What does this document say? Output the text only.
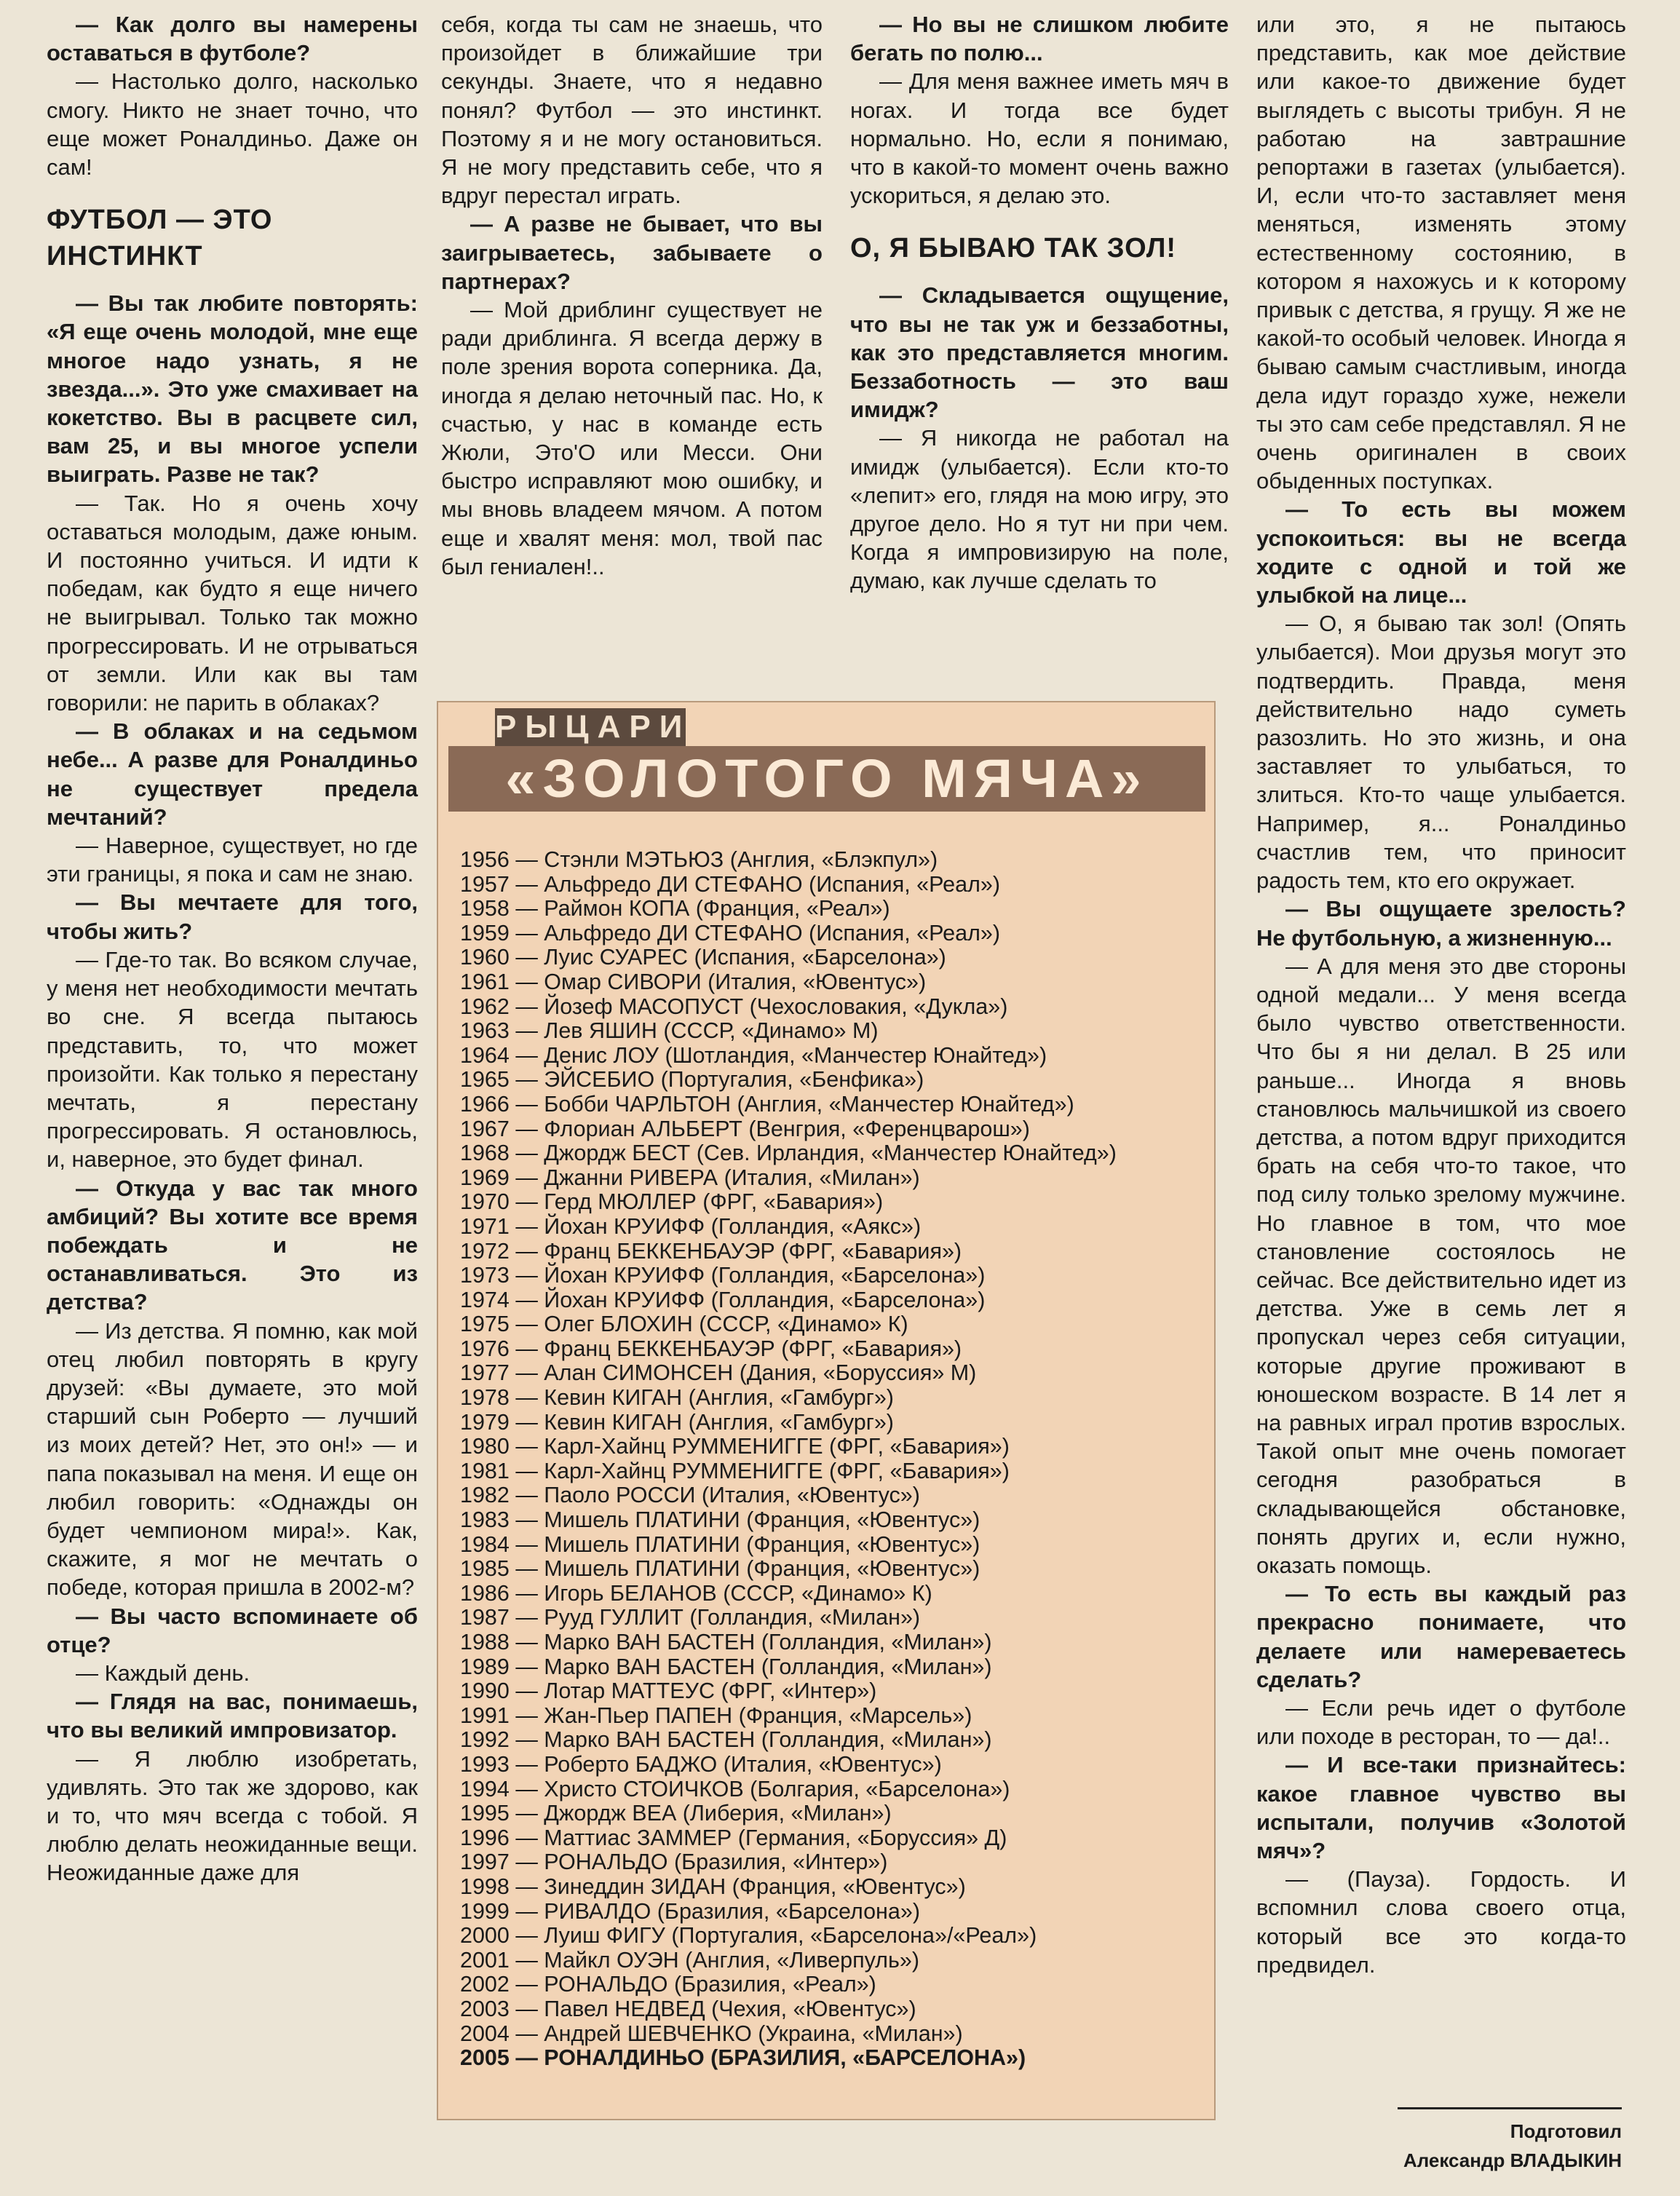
— Как долго вы намерены оставаться в футболе?

— Настолько долго, насколько смогу. Никто не знает точно, что еще может Роналдиньо. Даже он сам!

ФУТБОЛ — ЭТО ИНСТИНКТ

— Вы так любите повторять: «Я еще очень молодой, мне еще многое надо узнать, я не звезда...». Это уже смахивает на кокетство. Вы в расцвете сил, вам 25, и вы многое успели выиграть. Разве не так?

— Так. Но я очень хочу оставаться молодым, даже юным. И постоянно учиться. И идти к победам, как будто я еще ничего не выигрывал. Только так можно прогрессировать. И не отрываться от земли. Или как вы там говорили: не парить в облаках?

— В облаках и на седьмом небе... А разве для Роналдиньо не существует предела мечтаний?

— Наверное, существует, но где эти границы, я пока и сам не знаю.

— Вы мечтаете для того, чтобы жить?

— Где-то так. Во всяком случае, у меня нет необходимости мечтать во сне. Я всегда пытаюсь представить, то, что может произойти. Как только я перестану мечтать, я перестану прогрессировать. Я остановлюсь, и, наверное, это будет финал.

— Откуда у вас так много амбиций? Вы хотите все время побеждать и не останавливаться. Это из детства?

— Из детства. Я помню, как мой отец любил повторять в кругу друзей: «Вы думаете, это мой старший сын Роберто — лучший из моих детей? Нет, это он!» — и папа показывал на меня. И еще он любил говорить: «Однажды он будет чемпионом мира!». Как, скажите, я мог не мечтать о победе, которая пришла в 2002-м?

— Вы часто вспоминаете об отце?

— Каждый день.

— Глядя на вас, понимаешь, что вы великий импровизатор.

— Я люблю изобретать, удивлять. Это так же здорово, как и то, что мяч всегда с тобой. Я люблю делать неожиданные вещи. Неожиданные даже для

себя, когда ты сам не знаешь, что произойдет в ближайшие три секунды. Знаете, что я недавно понял? Футбол — это инстинкт. Поэтому я и не могу остановиться. Я не могу представить себе, что я вдруг перестал играть.

— А разве не бывает, что вы заигрываетесь, забываете о партнерах?

— Мой дриблинг существует не ради дриблинга. Я всегда держу в поле зрения ворота соперника. Да, иногда я делаю неточный пас. Но, к счастью, у нас в команде есть Жюли, Это'О или Месси. Они быстро исправляют мою ошибку, и мы вновь владеем мячом. А потом еще и хвалят меня: мол, твой пас был гениален!..

— Но вы не слишком любите бегать по полю...

— Для меня важнее иметь мяч в ногах. И тогда все будет нормально. Но, если я понимаю, что в какой-то момент очень важно ускориться, я делаю это.

О, Я БЫВАЮ ТАК ЗОЛ!

— Складывается ощущение, что вы не так уж и беззаботны, как это представляется многим. Беззаботность — это ваш имидж?

— Я никогда не работал на имидж (улыбается). Если кто-то «лепит» его, глядя на мою игру, это другое дело. Но я тут ни при чем. Когда я импровизирую на поле, думаю, как лучше сделать то

или это, я не пытаюсь представить, как мое действие или какое-то движение будет выглядеть с высоты трибун. Я не работаю на завтрашние репортажи в газетах (улыбается). И, если что-то заставляет меня меняться, изменять этому естественному состоянию, в котором я нахожусь и к которому привык с детства, я грущу. Я же не какой-то особый человек. Иногда я бываю самым счастливым, иногда дела идут гораздо хуже, нежели ты это сам себе представлял. Я не очень оригинален в своих обыденных поступках.

— То есть вы можем успокоиться: вы не всегда ходите с одной и той же улыбкой на лице...

— О, я бываю так зол! (Опять улыбается). Мои друзья могут это подтвердить. Правда, меня действительно надо суметь разозлить. Но это жизнь, и она заставляет то улыбаться, то злиться. Кто-то чаще улыбается. Например, я... Роналдиньо счастлив тем, что приносит радость тем, кто его окружает.

— Вы ощущаете зрелость? Не футбольную, а жизненную...

— А для меня это две стороны одной медали... У меня всегда было чувство ответственности. Что бы я ни делал. В 25 или раньше... Иногда я вновь становлюсь мальчишкой из своего детства, а потом вдруг приходится брать на себя что-то такое, что под силу только зрелому мужчине. Но главное в том, что мое становление состоялось не сейчас. Все действительно идет из детства. Уже в семь лет я пропускал через себя ситуации, которые другие проживают в юношеском возрасте. В 14 лет я на равных играл против взрослых. Такой опыт мне очень помогает сегодня разобраться в складывающейся обстановке, понять других и, если нужно, оказать помощь.

— То есть вы каждый раз прекрасно понимаете, что делаете или намереваетесь сделать?

— Если речь идет о футболе или походе в ресторан, то — да!..

— И все-таки признайтесь: какое главное чувство вы испытали, получив «Золотой мяч»?

— (Пауза). Гордость. И вспомнил слова своего отца, который все это когда-то предвидел.

РЫЦАРИ
«ЗОЛОТОГО МЯЧА»
1956 — Стэнли МЭТЬЮЗ (Англия, «Блэкпул»)
1957 — Альфредо ДИ СТЕФАНО (Испания, «Реал»)
1958 — Раймон КОПА (Франция, «Реал»)
1959 — Альфредо ДИ СТЕФАНО (Испания, «Реал»)
1960 — Луис СУАРЕС (Испания, «Барселона»)
1961 — Омар СИВОРИ (Италия, «Ювентус»)
1962 — Йозеф МАСОПУСТ (Чехословакия, «Дукла»)
1963 — Лев ЯШИН (СССР, «Динамо» М)
1964 — Денис ЛОУ (Шотландия, «Манчестер Юнайтед»)
1965 — ЭЙСЕБИО (Португалия, «Бенфика»)
1966 — Бобби ЧАРЛЬТОН (Англия, «Манчестер Юнайтед»)
1967 — Флориан АЛЬБЕРТ (Венгрия, «Ференцварош»)
1968 — Джордж БЕСТ (Сев. Ирландия, «Манчестер Юнайтед»)
1969 — Джанни РИВЕРА (Италия, «Милан»)
1970 — Герд МЮЛЛЕР (ФРГ, «Бавария»)
1971 — Йохан КРУИФФ (Голландия, «Аякс»)
1972 — Франц БЕККЕНБАУЭР (ФРГ, «Бавария»)
1973 — Йохан КРУИФФ (Голландия, «Барселона»)
1974 — Йохан КРУИФФ (Голландия, «Барселона»)
1975 — Олег БЛОХИН (СССР, «Динамо» К)
1976 — Франц БЕККЕНБАУЭР (ФРГ, «Бавария»)
1977 — Алан СИМОНСЕН (Дания, «Боруссия» М)
1978 — Кевин КИГАН (Англия, «Гамбург»)
1979 — Кевин КИГАН (Англия, «Гамбург»)
1980 — Карл-Хайнц РУММЕНИГГЕ (ФРГ, «Бавария»)
1981 — Карл-Хайнц РУММЕНИГГЕ (ФРГ, «Бавария»)
1982 — Паоло РОССИ (Италия, «Ювентус»)
1983 — Мишель ПЛАТИНИ (Франция, «Ювентус»)
1984 — Мишель ПЛАТИНИ (Франция, «Ювентус»)
1985 — Мишель ПЛАТИНИ (Франция, «Ювентус»)
1986 — Игорь БЕЛАНОВ (СССР, «Динамо» К)
1987 — Рууд ГУЛЛИТ (Голландия, «Милан»)
1988 — Марко ВАН БАСТЕН (Голландия, «Милан»)
1989 — Марко ВАН БАСТЕН (Голландия, «Милан»)
1990 — Лотар МАТТЕУС (ФРГ, «Интер»)
1991 — Жан-Пьер ПАПЕН (Франция, «Марсель»)
1992 — Марко ВАН БАСТЕН (Голландия, «Милан»)
1993 — Роберто БАДЖО (Италия, «Ювентус»)
1994 — Христо СТОИЧКОВ (Болгария, «Барселона»)
1995 — Джордж ВЕА (Либерия, «Милан»)
1996 — Маттиас ЗАММЕР (Германия, «Боруссия» Д)
1997 — РОНАЛЬДО (Бразилия, «Интер»)
1998 — Зинеддин ЗИДАН (Франция, «Ювентус»)
1999 — РИВАЛДО (Бразилия, «Барселона»)
2000 — Луиш ФИГУ (Португалия, «Барселона»/«Реал»)
2001 — Майкл ОУЭН (Англия, «Ливерпуль»)
2002 — РОНАЛЬДО (Бразилия, «Реал»)
2003 — Павел НЕДВЕД (Чехия, «Ювентус»)
2004 — Андрей ШЕВЧЕНКО (Украина, «Милан»)
2005 — РОНАЛДИНЬО (БРАЗИЛИЯ, «БАРСЕЛОНА»)
Подготовил
Александр ВЛАДЫКИН
